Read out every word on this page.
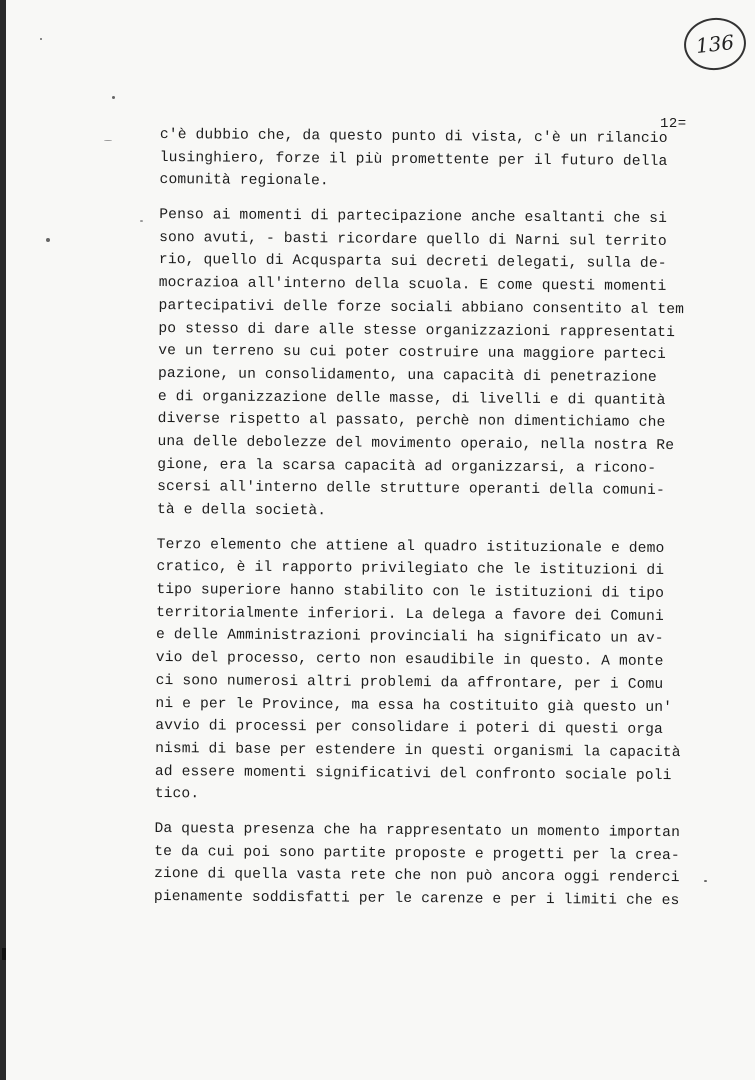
136
12=
c'è dubbio che, da questo punto di vista, c'è un rilancio
lusinghiero, forze il più promettente per il futuro della
comunità regionale.
Penso ai momenti di partecipazione anche esaltanti che si
sono avuti, - basti ricordare quello di Narni sul territo
rio, quello di Acqusparta sui decreti delegati, sulla de-
mocrazioa all'interno della scuola. E come questi momenti
partecipativi delle forze sociali abbiano consentito al tem
po stesso di dare alle stesse organizzazioni rappresentati
ve un terreno su cui poter costruire una maggiore parteci
pazione, un consolidamento, una capacità di penetrazione
e di organizzazione delle masse, di livelli e di quantità
diverse rispetto al passato, perchè non dimentichiamo che
una delle debolezze del movimento operaio, nella nostra Re
gione, era la scarsa capacità ad organizzarsi, a ricono-
scersi all'interno delle strutture operanti della comuni-
tà e della società.
Terzo elemento che attiene al quadro istituzionale e demo
cratico, è il rapporto privilegiato che le istituzioni di
tipo superiore hanno stabilito con le istituzioni di tipo
territorialmente inferiori. La delega a favore dei Comuni
e delle Amministrazioni provinciali ha significato un av-
vio del processo, certo non esaudibile in questo. A monte
ci sono numerosi altri problemi da affrontare, per i Comu
ni e per le Province, ma essa ha costituito già questo un'
avvio di processi per consolidare i poteri di questi orga
nismi di base per estendere in questi organismi la capacità
ad essere momenti significativi del confronto sociale poli
tico.
Da questa presenza che ha rappresentato un momento importan
te da cui poi sono partite proposte e progetti per la crea-
zione di quella vasta rete che non può ancora oggi renderci
pienamente soddisfatti per le carenze e per i limiti che es
